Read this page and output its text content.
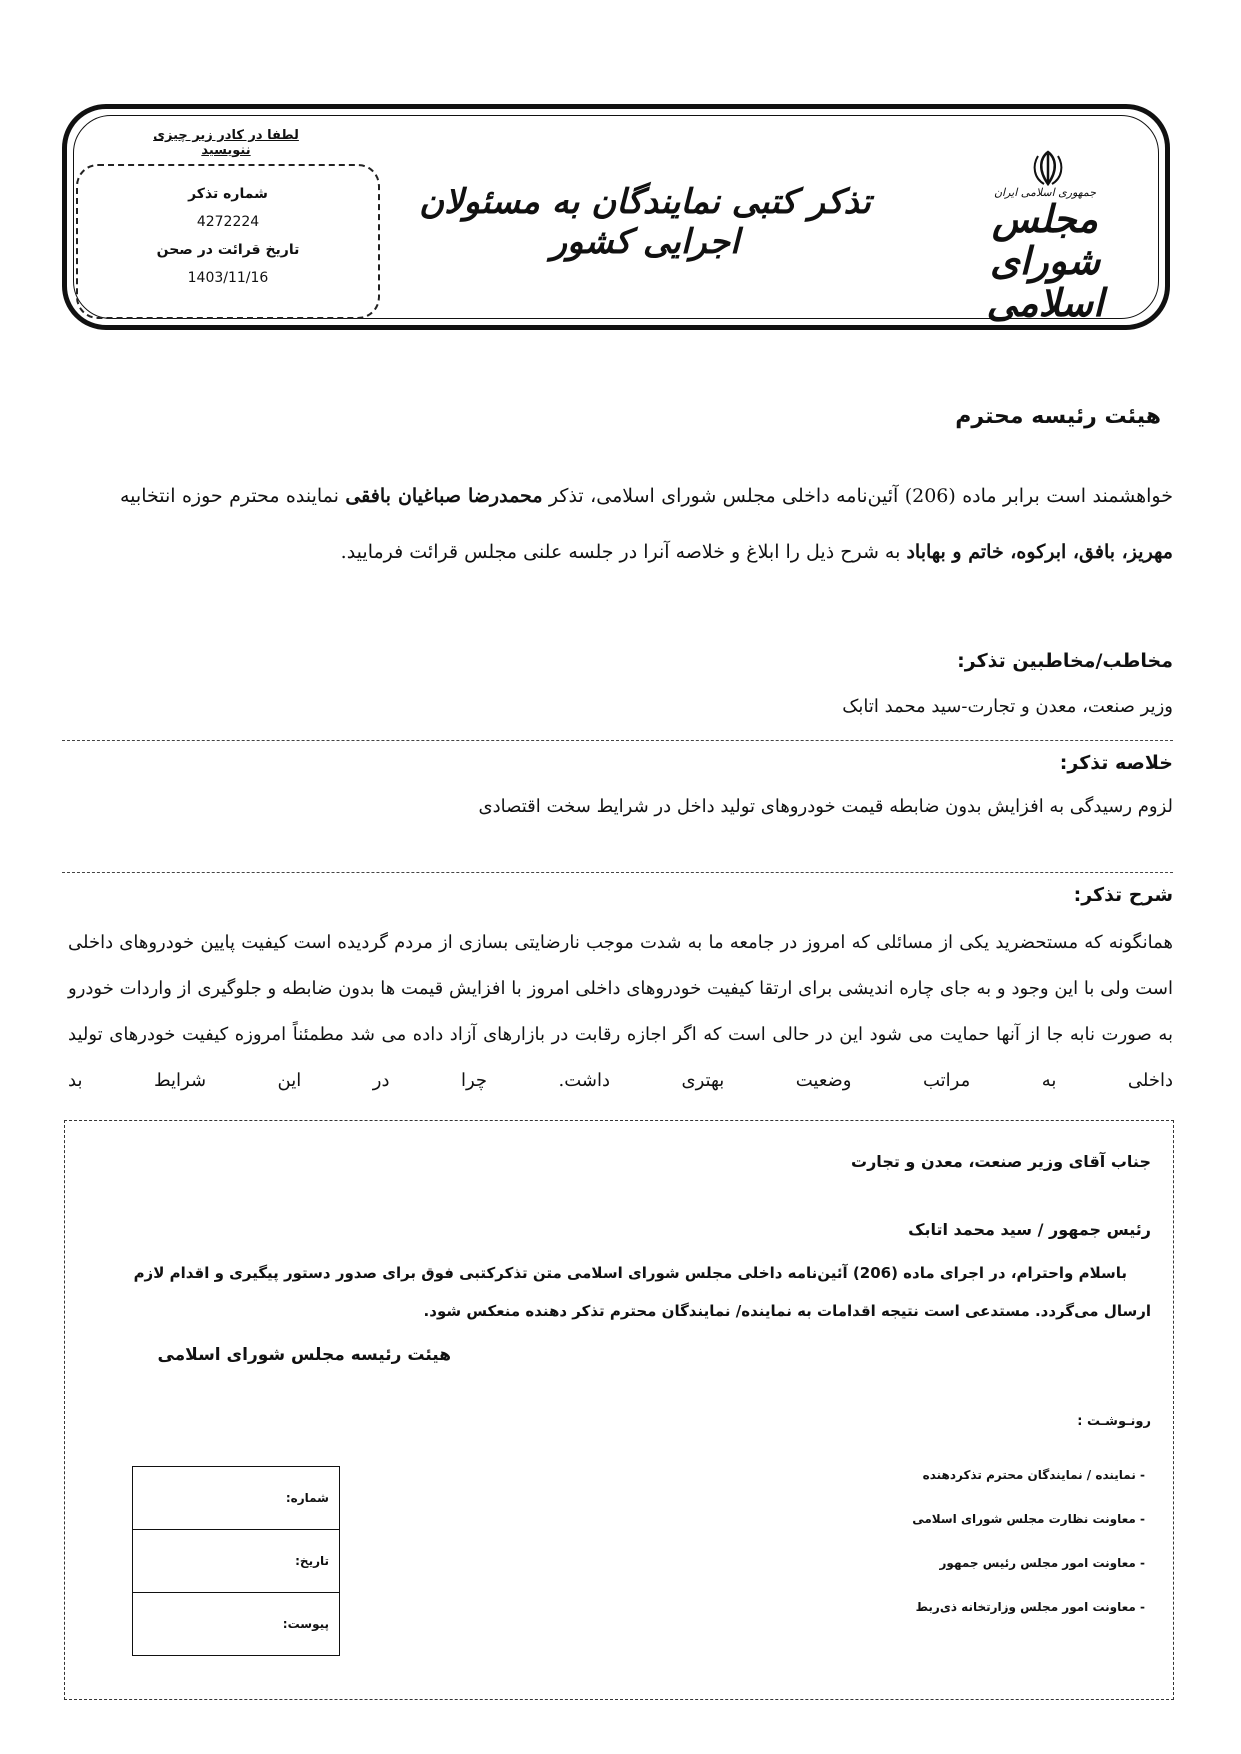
لطفا در کادر زیر چیزی ننویسید
شماره تذکر
4272224
تاریخ قرائت در صحن
1403/11/16
تذکر کتبی نمایندگان به مسئولان اجرایی کشور
جمهوری اسلامی ایران
مجلس شورای اسلامی
هیئت رئیسه محترم
خواهشمند است برابر ماده (206) آئین‌نامه داخلی مجلس شورای اسلامی، تذکر محمدرضا صباغیان بافقی نماینده محترم حوزه انتخابیه مهریز، بافق، ابرکوه، خاتم و بهاباد به شرح ذیل را ابلاغ و خلاصه آنرا در جلسه علنی مجلس قرائت فرمایید.
مخاطب/مخاطبین تذکر:
وزیر صنعت، معدن و تجارت-سید محمد اتابک
خلاصه تذکر:
لزوم رسیدگی به افزایش بدون ضابطه قیمت خودروهای تولید داخل در شرایط سخت اقتصادی
شرح تذکر:
همانگونه که مستحضرید یکی از مسائلی که امروز در جامعه ما به شدت موجب نارضایتی بسازی از مردم گردیده است کیفیت پایین خودروهای داخلی است ولی با این وجود و به جای چاره اندیشی برای ارتقا کیفیت خودروهای داخلی امروز با افزایش قیمت ها بدون ضابطه و جلوگیری از واردات خودرو به صورت نابه جا از آنها حمایت می شود این در حالی است که اگر اجازه رقابت در بازارهای آزاد داده می شد مطمئناً امروزه کیفیت خودرهای تولید داخلی به مراتب وضعیت بهتری داشت. چرا در این شرایط بد
جناب آقای وزیر صنعت، معدن و تجارت
رئیس جمهور / سید محمد اتابک
باسلام واحترام، در اجرای ماده (206) آئین‌نامه داخلی مجلس شورای اسلامی متن تذکرکتبی فوق برای صدور دستور پیگیری و اقدام لازم ارسال می‌گردد. مستدعی است نتیجه اقدامات به نماینده/ نمایندگان محترم تذکر دهنده منعکس شود.
هیئت رئیسه مجلس شورای اسلامی
رونـوشـت :
- نماینده / نمایندگان محترم تذکردهنده
- معاونت نظارت مجلس شورای اسلامی
- معاونت امور مجلس رئیس جمهور
- معاونت امور مجلس وزارتخانه ذی‌ربط
شماره:
تاریخ:
پیوست:
